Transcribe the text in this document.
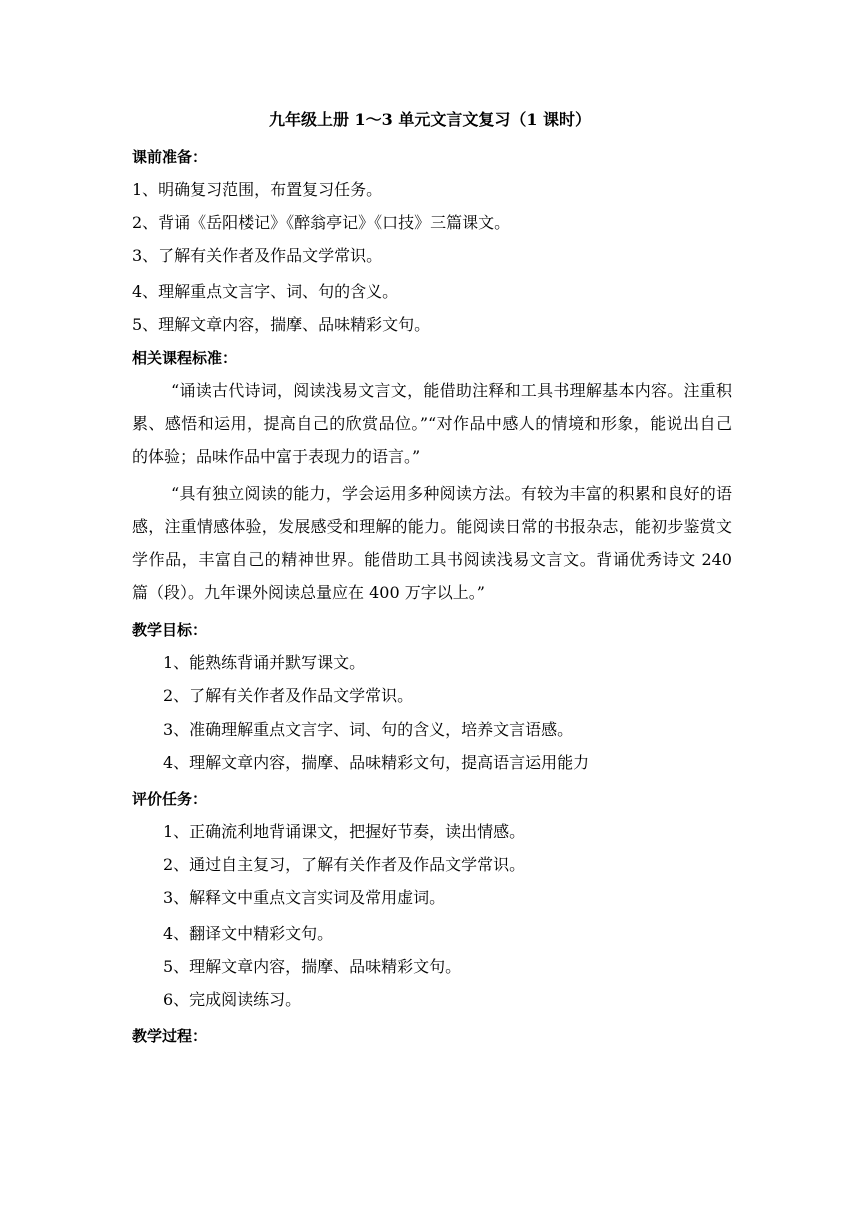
九年级上册 1～3 单元文言文复习（1 课时）
课前准备：
1、明确复习范围，布置复习任务。
2、背诵《岳阳楼记》《醉翁亭记》《口技》三篇课文。
3、了解有关作者及作品文学常识。
4、理解重点文言字、词、句的含义。
5、理解文章内容，揣摩、品味精彩文句。
相关课程标准：
“诵读古代诗词，阅读浅易文言文，能借助注释和工具书理解基本内容。注重积累、感悟和运用，提高自己的欣赏品位。”“对作品中感人的情境和形象，能说出自己的体验；品味作品中富于表现力的语言。”
“具有独立阅读的能力，学会运用多种阅读方法。有较为丰富的积累和良好的语感，注重情感体验，发展感受和理解的能力。能阅读日常的书报杂志，能初步鉴赏文学作品，丰富自己的精神世界。能借助工具书阅读浅易文言文。背诵优秀诗文 240 篇（段）。九年课外阅读总量应在 400 万字以上。”
教学目标：
1、能熟练背诵并默写课文。
2、了解有关作者及作品文学常识。
3、准确理解重点文言字、词、句的含义，培养文言语感。
4、理解文章内容，揣摩、品味精彩文句，提高语言运用能力
评价任务：
1、正确流利地背诵课文，把握好节奏，读出情感。
2、通过自主复习，了解有关作者及作品文学常识。
3、解释文中重点文言实词及常用虚词。
4、翻译文中精彩文句。
5、理解文章内容，揣摩、品味精彩文句。
6、完成阅读练习。
教学过程：
